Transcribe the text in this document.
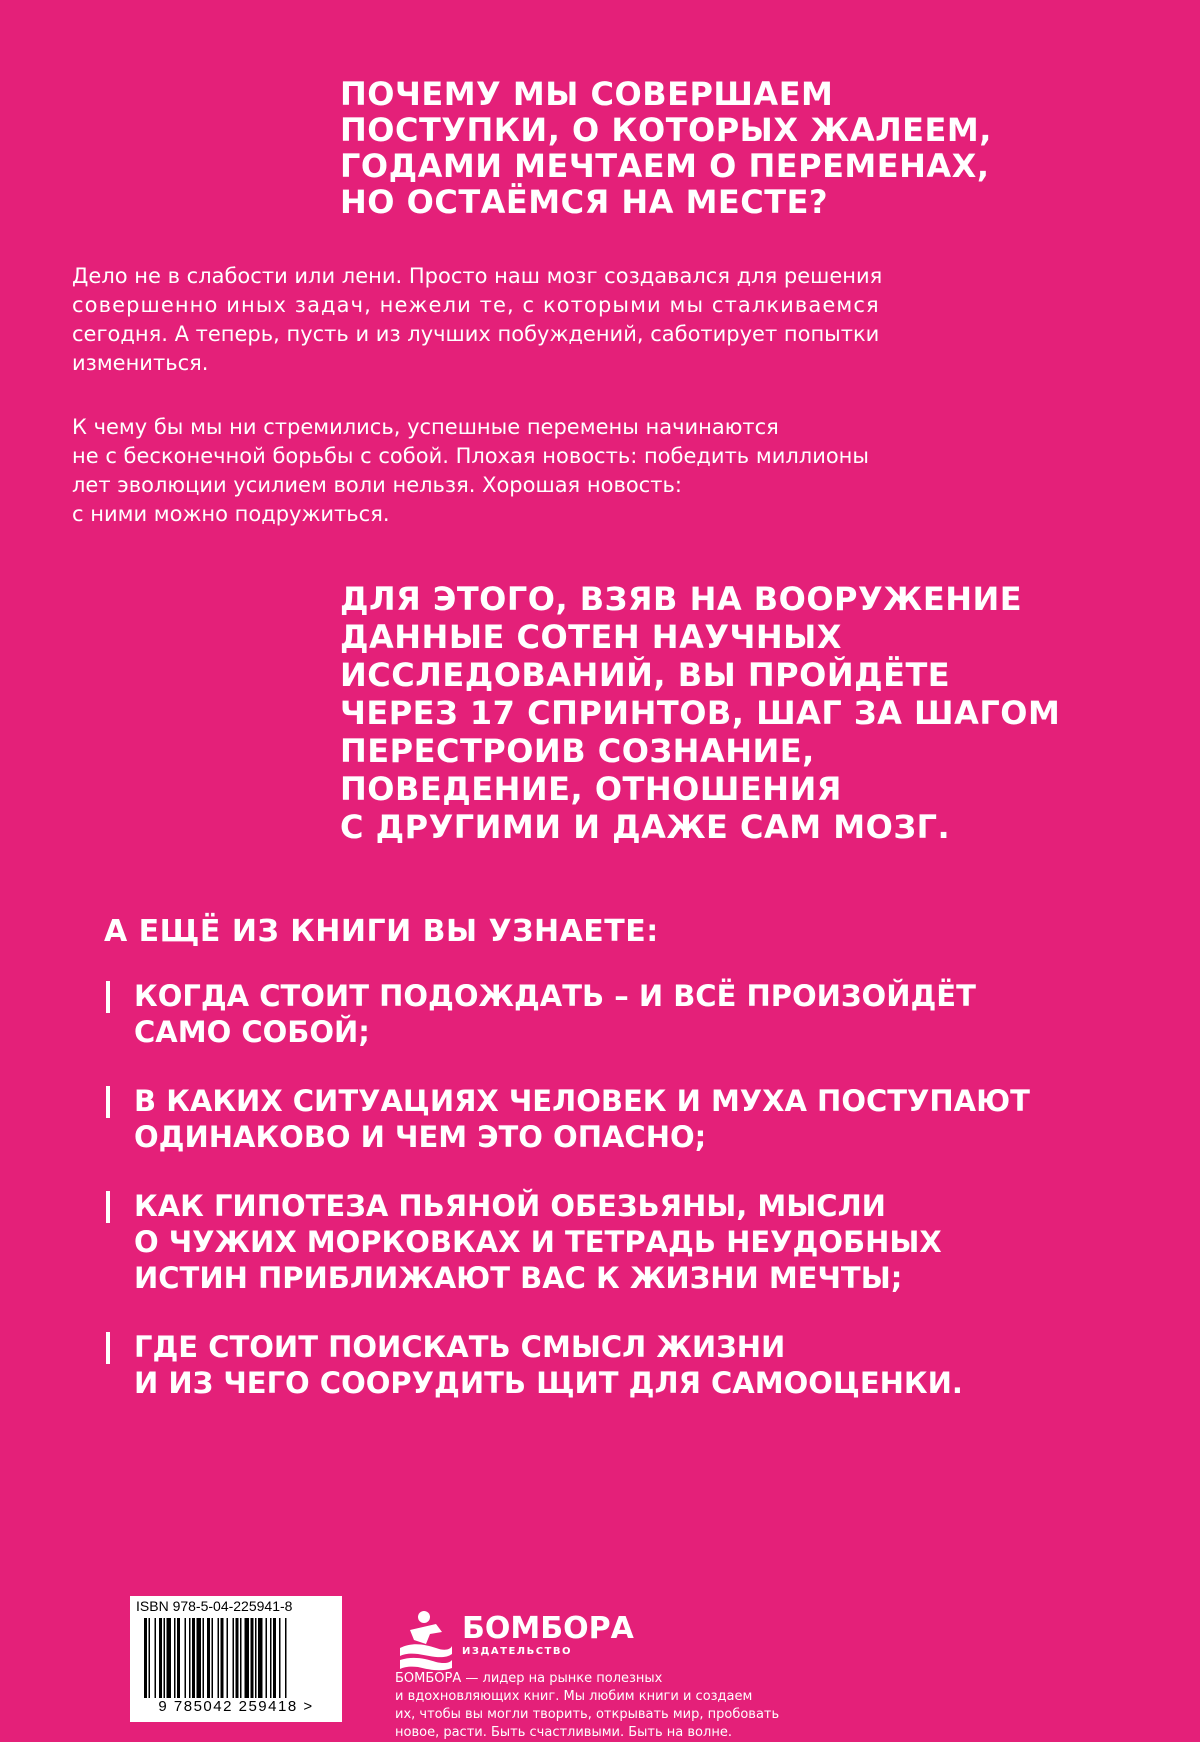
ПОЧЕМУ МЫ СОВЕРШАЕМ
ПОСТУПКИ, О КОТОРЫХ ЖАЛЕЕМ,
ГОДАМИ МЕЧТАЕМ О ПЕРЕМЕНАХ,
НО ОСТАЁМСЯ НА МЕСТЕ?

Дело не в слабости или лени. Просто наш мозг создавался для решения
совершенно иных задач, нежели те, с которыми мы сталкиваемся
сегодня. А теперь, пусть и из лучших побуждений, саботирует попытки
измениться.

К чему бы мы ни стремились, успешные перемены начинаются
не с бесконечной борьбы с собой. Плохая новость: победить миллионы
лет эволюции усилием воли нельзя. Хорошая новость:
с ними можно подружиться.

ДЛЯ ЭТОГО, ВЗЯВ НА ВООРУЖЕНИЕ
ДАННЫЕ СОТЕН НАУЧНЫХ
ИССЛЕДОВАНИЙ, ВЫ ПРОЙДЁТЕ
ЧЕРЕЗ 17 СПРИНТОВ, ШАГ ЗА ШАГОМ
ПЕРЕСТРОИВ СОЗНАНИЕ,
ПОВЕДЕНИЕ, ОТНОШЕНИЯ
С ДРУГИМИ И ДАЖЕ САМ МОЗГ.
А ЕЩЁ ИЗ КНИГИ ВЫ УЗНАЕТЕ:
КОГДА СТОИТ ПОДОЖДАТЬ – И ВСЁ ПРОИЗОЙДЁТ
САМО СОБОЙ;
В КАКИХ СИТУАЦИЯХ ЧЕЛОВЕК И МУХА ПОСТУПАЮТ
ОДИНАКОВО И ЧЕМ ЭТО ОПАСНО;
КАК ГИПОТЕЗА ПЬЯНОЙ ОБЕЗЬЯНЫ, МЫСЛИ
О ЧУЖИХ МОРКОВКАХ И ТЕТРАДЬ НЕУДОБНЫХ
ИСТИН ПРИБЛИЖАЮТ ВАС К ЖИЗНИ МЕЧТЫ;
ГДЕ СТОИТ ПОИСКАТЬ СМЫСЛ ЖИЗНИ
И ИЗ ЧЕГО СООРУДИТЬ ЩИТ ДЛЯ САМООЦЕНКИ.
ISBN 978-5-04-225941-8
9 785042 259418 >
БОМБОРА
ИЗДАТЕЛЬСТВО

БОМБОРА — лидер на рынке полезных
и вдохновляющих книг. Мы любим книги и создаем
их, чтобы вы могли творить, открывать мир, пробовать
новое, расти. Быть счастливыми. Быть на волне.
